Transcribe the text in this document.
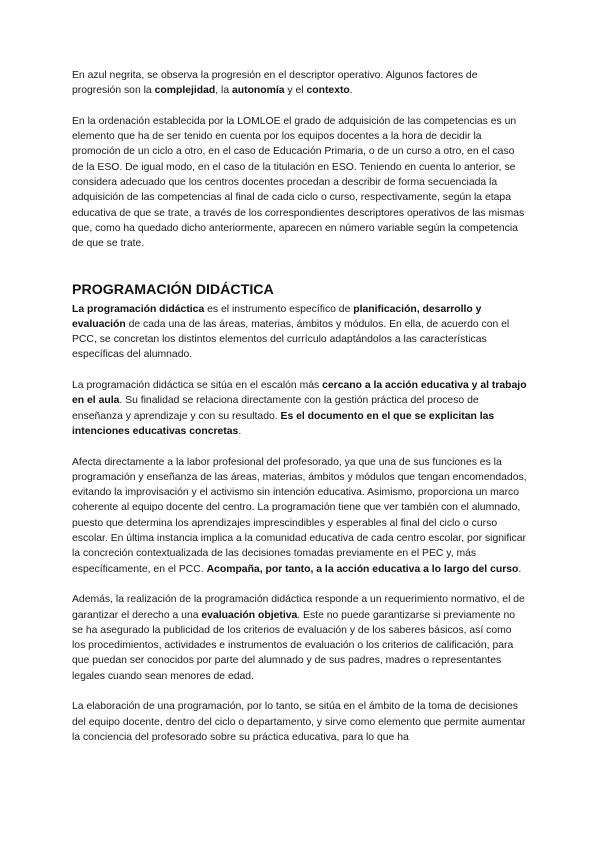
En azul negrita, se observa la progresión en el descriptor operativo. Algunos factores de progresión son la complejidad, la autonomía y el contexto.

En la ordenación establecida por la LOMLOE el grado de adquisición de las competencias es un elemento que ha de ser tenido en cuenta por los equipos docentes a la hora de decidir la promoción de un ciclo a otro, en el caso de Educación Primaria, o de un curso a otro, en el caso de la ESO. De igual modo, en el caso de la titulación en ESO. Teniendo en cuenta lo anterior, se considera adecuado que los centros docentes procedan a describir de forma secuenciada la adquisición de las competencias al final de cada ciclo o curso, respectivamente, según la etapa educativa de que se trate, a través de los correspondientes descriptores operativos de las mismas que, como ha quedado dicho anteriormente, aparecen en número variable según la competencia de que se trate.

PROGRAMACIÓN DIDÁCTICA

La programación didáctica es el instrumento específico de planificación, desarrollo y evaluación de cada una de las áreas, materias, ámbitos y módulos. En ella, de acuerdo con el PCC, se concretan los distintos elementos del currículo adaptándolos a las características específicas del alumnado.

La programación didáctica se sitúa en el escalón más cercano a la acción educativa y al trabajo en el aula. Su finalidad se relaciona directamente con la gestión práctica del proceso de enseñanza y aprendizaje y con su resultado. Es el documento en el que se explicitan las intenciones educativas concretas.

Afecta directamente a la labor profesional del profesorado, ya que una de sus funciones es la programación y enseñanza de las áreas, materias, ámbitos y módulos que tengan encomendados, evitando la improvisación y el activismo sin intención educativa. Asimismo, proporciona un marco coherente al equipo docente del centro. La programación tiene que ver también con el alumnado, puesto que determina los aprendizajes imprescindibles y esperables al final del ciclo o curso escolar. En última instancia implica a la comunidad educativa de cada centro escolar, por significar la concreción contextualizada de las decisiones tomadas previamente en el PEC y, más específicamente, en el PCC. Acompaña, por tanto, a la acción educativa a lo largo del curso.

Además, la realización de la programación didáctica responde a un requerimiento normativo, el de garantizar el derecho a una evaluación objetiva. Este no puede garantizarse si previamente no se ha asegurado la publicidad de los criterios de evaluación y de los saberes básicos, así como los procedimientos, actividades e instrumentos de evaluación o los criterios de calificación, para que puedan ser conocidos por parte del alumnado y de sus padres, madres o representantes legales cuando sean menores de edad.

La elaboración de una programación, por lo tanto, se sitúa en el ámbito de la toma de decisiones del equipo docente, dentro del ciclo o departamento, y sirve como elemento que permite aumentar la conciencia del profesorado sobre su práctica educativa, para lo que ha
